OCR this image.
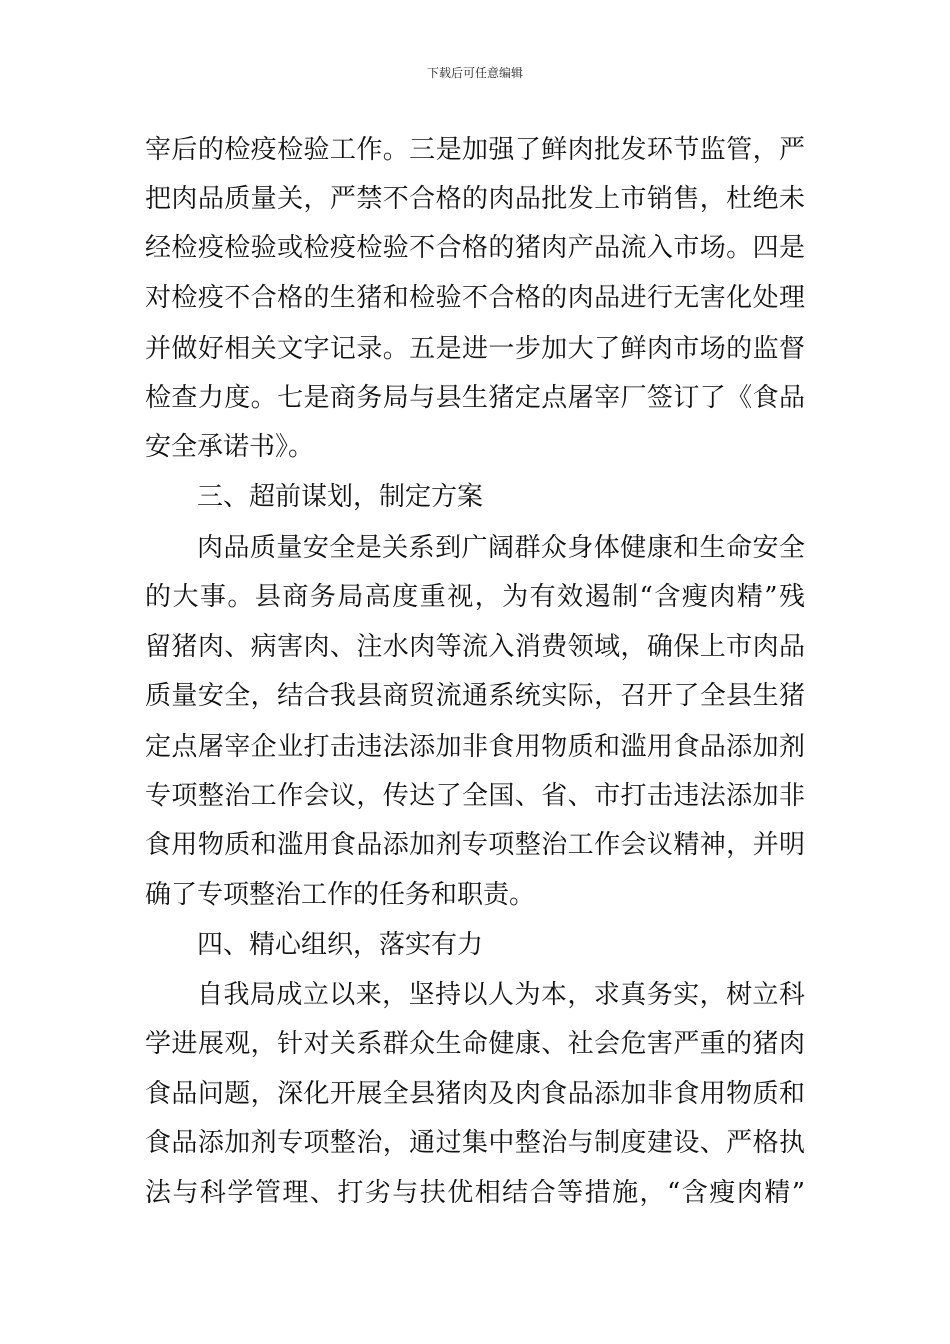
下载后可任意编辑
宰后的检疫检验工作。三是加强了鲜肉批发环节监管，严
把肉品质量关，严禁不合格的肉品批发上市销售，杜绝未
经检疫检验或检疫检验不合格的猪肉产品流入市场。四是
对检疫不合格的生猪和检验不合格的肉品进行无害化处理
并做好相关文字记录。五是进一步加大了鲜肉市场的监督
检查力度。七是商务局与县生猪定点屠宰厂签订了《食品
安全承诺书》。
三、超前谋划，制定方案
肉品质量安全是关系到广阔群众身体健康和生命安全
的大事。县商务局高度重视，为有效遏制“含瘦肉精”残
留猪肉、病害肉、注水肉等流入消费领域，确保上市肉品
质量安全，结合我县商贸流通系统实际，召开了全县生猪
定点屠宰企业打击违法添加非食用物质和滥用食品添加剂
专项整治工作会议，传达了全国、省、市打击违法添加非
食用物质和滥用食品添加剂专项整治工作会议精神，并明
确了专项整治工作的任务和职责。
四、精心组织，落实有力
自我局成立以来，坚持以人为本，求真务实，树立科
学进展观，针对关系群众生命健康、社会危害严重的猪肉
食品问题，深化开展全县猪肉及肉食品添加非食用物质和
食品添加剂专项整治，通过集中整治与制度建设、严格执
法与科学管理、打劣与扶优相结合等措施，“含瘦肉精”
